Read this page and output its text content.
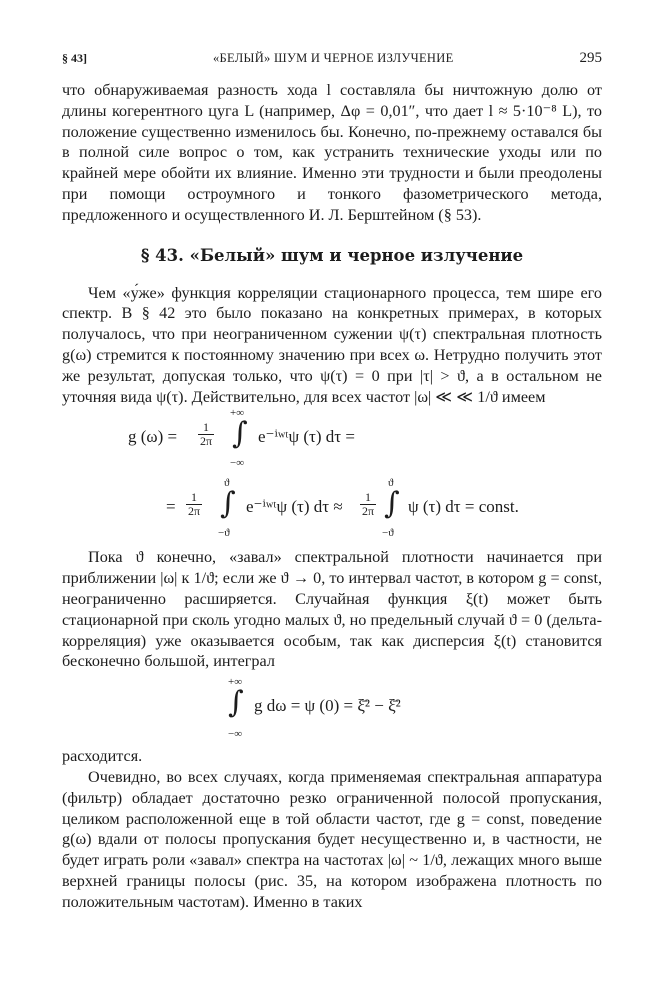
§ 43]	«БЕЛЫЙ» ШУМ И ЧЕРНОЕ ИЗЛУЧЕНИЕ	295

что обнаруживаемая разность хода l составляла бы ничтожную долю от длины когерентного цуга L (например, Δφ = 0,01″, что дает l ≈ 5·10⁻⁸ L), то положение существенно изменилось бы. Конечно, по-прежнему оставался бы в полной силе вопрос о том, как устранить технические уходы или по крайней мере обойти их влияние. Именно эти трудности и были преодолены при помощи остроумного и тонкого фазометрического метода, предложенного и осуществленного И. Л. Берштейном (§ 53).

§ 43. «Белый» шум и черное излучение

Чем «у́же» функция корреляции стационарного процесса, тем шире его спектр. В § 42 это было показано на конкретных примерах, в которых получалось, что при неограниченном сужении ψ(τ) спектральная плотность g(ω) стремится к постоянному значению при всех ω. Нетрудно получить этот же результат, допуская только, что ψ(τ) = 0 при |τ| > ϑ, а в остальном не уточняя вида ψ(τ). Действительно, для всех частот |ω| ≪ ≪ 1/ϑ имеем

g $(\omega) = \frac{1}{2\pi}$
+∞
∫
−∞
e⁻ⁱʷᵗψ (τ) dτ =
= $\frac{1}{2\pi}$
ϑ
∫
−ϑ
e⁻ⁱʷᵗψ (τ) $d\tau \approx \frac{1}{2\pi}$
ϑ
∫
−ϑ
ψ (τ) dτ = const.

Пока ϑ конечно, «завал» спектральной плотности начинается при приближении |ω| к 1/ϑ; если же ϑ → 0, то интервал частот, в котором g = const, неограниченно расширяется. Случайная функция ξ(t) может быть стационарной при сколь угодно малых ϑ, но предельный случай ϑ = 0 (дельта-корреляция) уже оказывается особым, так как дисперсия ξ(t) становится бесконечно большой, интеграл

+∞
∫
−∞
g dω = ψ (0) = ξ̄² − ξ̄²

расходится.

Очевидно, во всех случаях, когда применяемая спектральная аппаратура (фильтр) обладает достаточно резко ограниченной полосой пропускания, целиком расположенной еще в той области частот, где g = const, поведение g(ω) вдали от полосы пропускания будет несущественно и, в частности, не будет играть роли «завал» спектра на частотах |ω| ~ 1/ϑ, лежащих много выше верхней границы полосы (рис. 35, на котором изображена плотность по положительным частотам). Именно в таких
